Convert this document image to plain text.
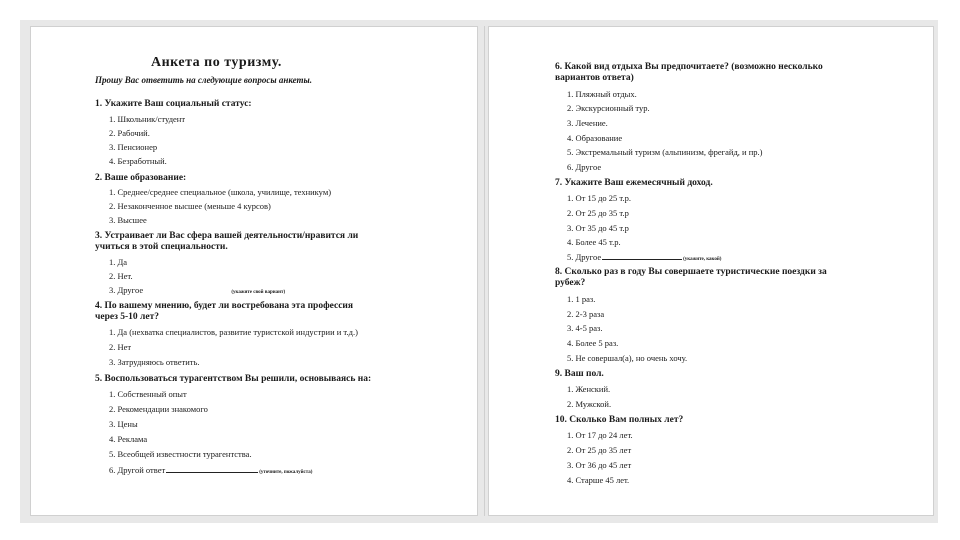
Анкета по туризму.
Прошу Вас ответить на следующие вопросы анкеты.
1. Укажите Ваш социальный статус:
1. Школьник/студент
2. Рабочий.
3. Пенсионер
4. Безработный.
2. Ваше образование:
1. Среднее/среднее специальное (школа, училище, техникум)
2. Незаконченное высшее (меньше 4 курсов)
3. Высшее
3. Устраивает ли Вас сфера вашей деятельности/нравится ли
учиться в этой специальности.
1. Да
2. Нет.
3. Другое	(укажите свой вариант)
4. По вашему мнению, будет ли востребована эта профессия
через 5-10 лет?
1. Да (нехватка специалистов, развитие туристской индустрии и т.д.)
2. Нет
3. Затрудняюсь ответить.
5. Воспользоваться турагентством Вы решили, основываясь на:
1. Собственный опыт
2. Рекомендации знакомого
3. Цены
4. Реклама
5. Всеобщей известности турагентства.
6. Другой ответ	(уточните, пожалуйста)
6. Какой вид отдыха Вы предпочитаете? (возможно несколько
вариантов ответа)
1. Пляжный отдых.
2. Экскурсионный тур.
3. Лечение.
4. Образование
5. Экстремальный туризм (альпинизм, фрегайд, и пр.)
6. Другое
7. Укажите Ваш ежемесячный доход.
1. От 15 до 25 т.р.
2. От 25 до 35 т.р
3. От 35 до 45 т.р
4. Более 45 т.р.
5. Другое	(укажите, какой)
8. Сколько раз в году Вы совершаете туристические поездки за
рубеж?
1. 1 раз.
2. 2-3 раза
3. 4-5 раз.
4. Более 5 раз.
5. Не совершал(а), но очень хочу.
9. Ваш пол.
1. Женский.
2. Мужской.
10. Сколько Вам полных лет?
1. От 17 до 24 лет.
2. От 25 до 35 лет
3. От 36 до 45 лет
4. Старше 45 лет.
